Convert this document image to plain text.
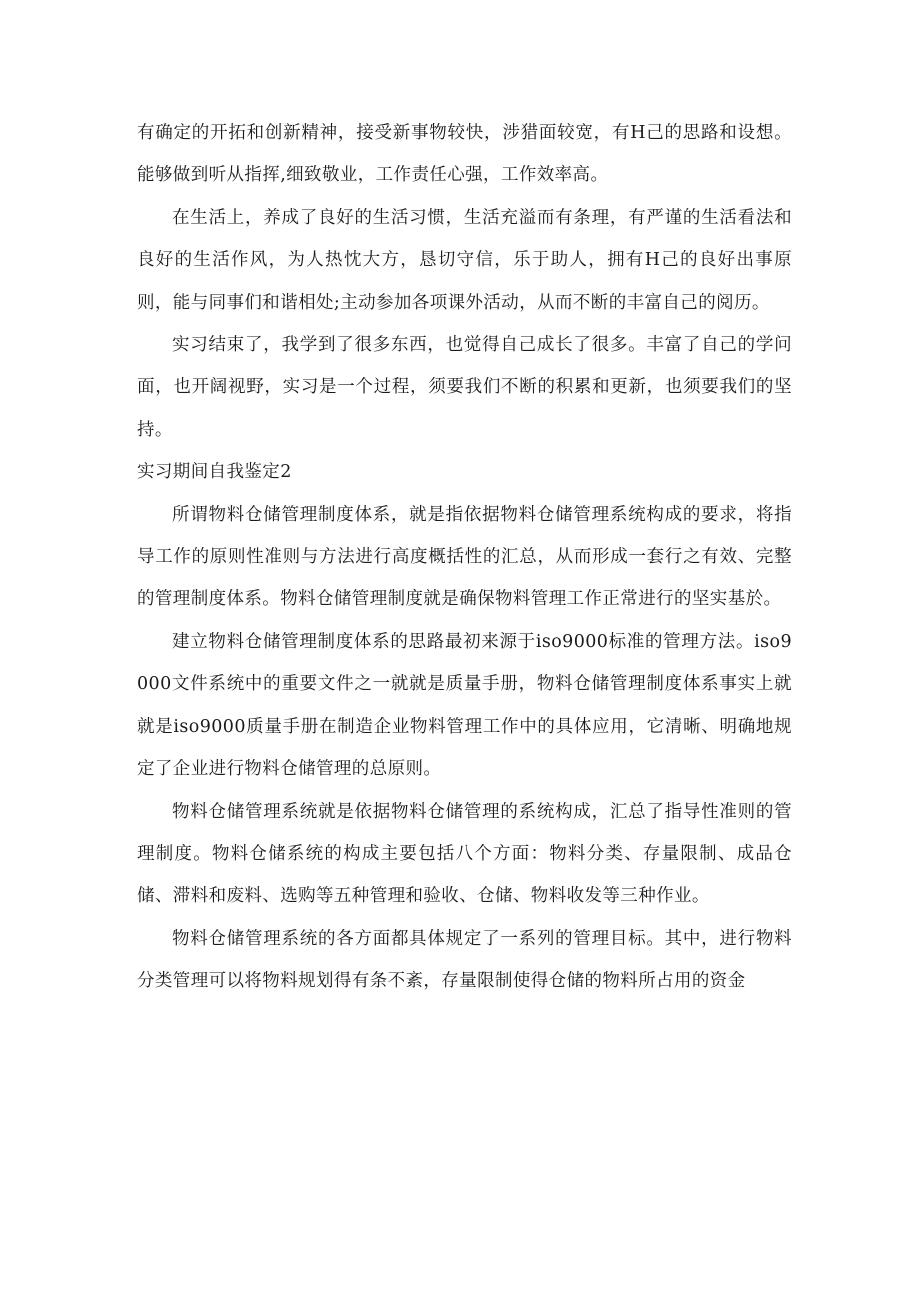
有确定的开拓和创新精神，接受新事物较快，涉猎面较宽，有H己的思路和设想。能够做到听从指挥,细致敬业，工作责任心强，工作效率高。

在生活上，养成了良好的生活习惯，生活充溢而有条理，有严谨的生活看法和良好的生活作风，为人热忱大方，恳切守信，乐于助人，拥有H己的良好出事原则，能与同事们和谐相处;主动参加各项课外活动，从而不断的丰富自己的阅历。

实习结束了，我学到了很多东西，也觉得自己成长了很多。丰富了自己的学问面，也开阔视野，实习是一个过程，须要我们不断的积累和更新，也须要我们的坚持。

实习期间自我鉴定2

所谓物料仓储管理制度体系，就是指依据物料仓储管理系统构成的要求，将指导工作的原则性准则与方法进行高度概括性的汇总，从而形成一套行之有效、完整的管理制度体系。物料仓储管理制度就是确保物料管理工作正常进行的坚实基於。

建立物料仓储管理制度体系的思路最初来源于iso9000标准的管理方法。iso9000文件系统中的重要文件之一就就是质量手册，物料仓储管理制度体系事实上就就是iso9000质量手册在制造企业物料管理工作中的具体应用，它清晰、明确地规定了企业进行物料仓储管理的总原则。

物料仓储管理系统就是依据物料仓储管理的系统构成，汇总了指导性准则的管理制度。物料仓储系统的构成主要包括八个方面：物料分类、存量限制、成品仓储、滞料和废料、选购等五种管理和验收、仓储、物料收发等三种作业。

物料仓储管理系统的各方面都具体规定了一系列的管理目标。其中，进行物料分类管理可以将物料规划得有条不紊，存量限制使得仓储的物料所占用的资金
